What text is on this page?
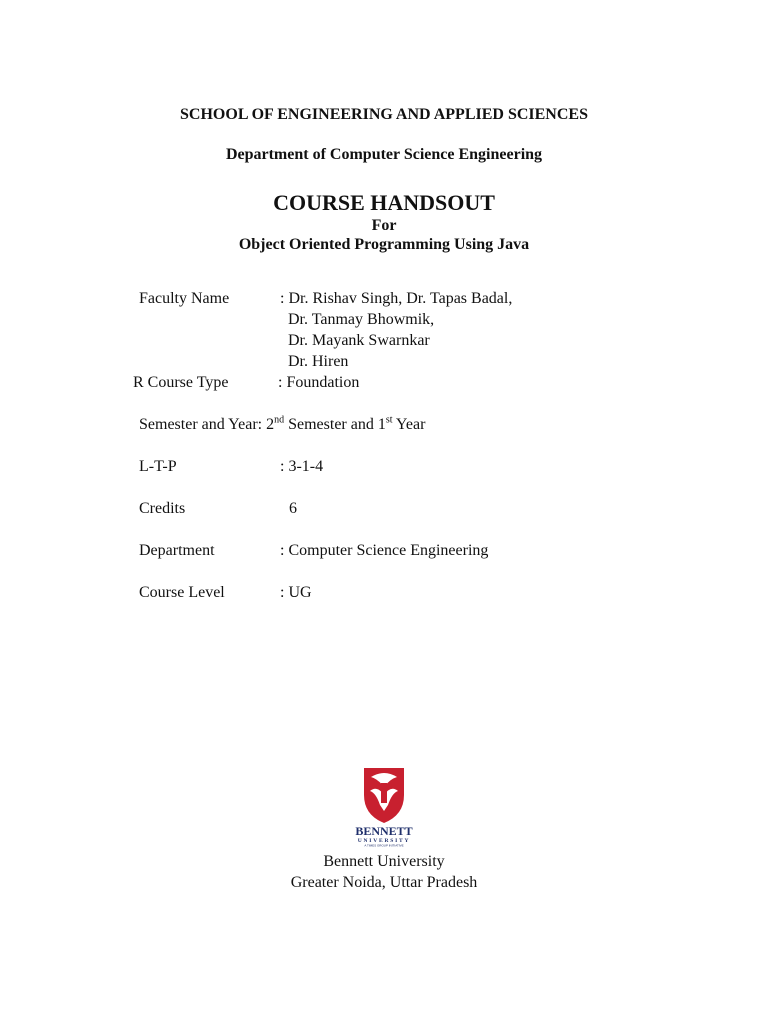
SCHOOL OF ENGINEERING AND APPLIED SCIENCES
Department of Computer Science Engineering
COURSE HANDSOUT
For
Object Oriented Programming Using Java
Faculty Name	: Dr. Rishav Singh, Dr. Tapas Badal,
Dr. Tanmay Bhowmik,
Dr. Mayank Swarnkar
Dr. Hiren
R Course Type	: Foundation
Semester and Year: 2nd Semester and 1st Year
L-T-P	: 3-1-4
Credits	6
Department	: Computer Science Engineering
Course Level	: UG
BENNETT
UNIVERSITY
A TIMES GROUP INITIATIVE
Bennett University
Greater Noida, Uttar Pradesh
